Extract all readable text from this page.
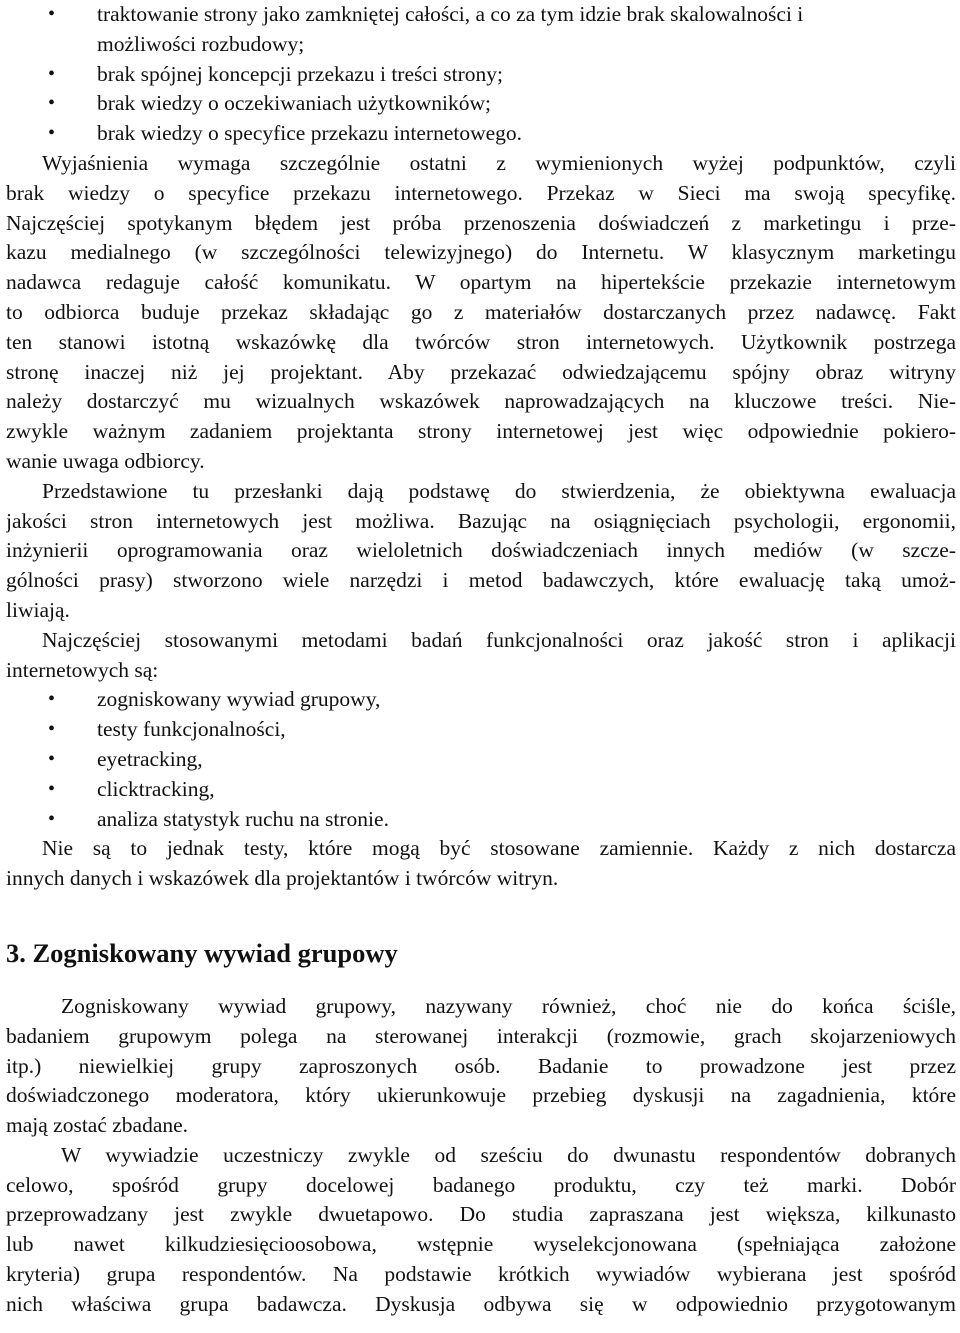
• traktowanie strony jako zamkniętej całości, a co za tym idzie brak skalowalności i
możliwości rozbudowy;
• brak spójnej koncepcji przekazu i treści strony;
• brak wiedzy o oczekiwaniach użytkowników;
• brak wiedzy o specyfice przekazu internetowego.
Wyjaśnienia wymaga szczególnie ostatni z wymienionych wyżej podpunktów, czyli
brak wiedzy o specyfice przekazu internetowego. Przekaz w Sieci ma swoją specyfikę.
Najczęściej spotykanym błędem jest próba przenoszenia doświadczeń z marketingu i prze-
kazu medialnego (w szczególności telewizyjnego) do Internetu. W klasycznym marketingu
nadawca redaguje całość komunikatu. W opartym na hipertekście przekazie internetowym
to odbiorca buduje przekaz składając go z materiałów dostarczanych przez nadawcę. Fakt
ten stanowi istotną wskazówkę dla twórców stron internetowych. Użytkownik postrzega
stronę inaczej niż jej projektant. Aby przekazać odwiedzającemu spójny obraz witryny
należy dostarczyć mu wizualnych wskazówek naprowadzających na kluczowe treści. Nie-
zwykle ważnym zadaniem projektanta strony internetowej jest więc odpowiednie pokiero-
wanie uwaga odbiorcy.
Przedstawione tu przesłanki dają podstawę do stwierdzenia, że obiektywna ewaluacja
jakości stron internetowych jest możliwa. Bazując na osiągnięciach psychologii, ergonomii,
inżynierii oprogramowania oraz wieloletnich doświadczeniach innych mediów (w szcze-
gólności prasy) stworzono wiele narzędzi i metod badawczych, które ewaluację taką umoż-
liwiają.
Najczęściej stosowanymi metodami badań funkcjonalności oraz jakość stron i aplikacji
internetowych są:
• zogniskowany wywiad grupowy,
• testy funkcjonalności,
• eyetracking,
• clicktracking,
• analiza statystyk ruchu na stronie.
Nie są to jednak testy, które mogą być stosowane zamiennie. Każdy z nich dostarcza
innych danych i wskazówek dla projektantów i twórców witryn.
3. Zogniskowany wywiad grupowy
Zogniskowany wywiad grupowy, nazywany również, choć nie do końca ściśle,
badaniem grupowym polega na sterowanej interakcji (rozmowie, grach skojarzeniowych
itp.) niewielkiej grupy zaproszonych osób. Badanie to prowadzone jest przez
doświadczonego moderatora, który ukierunkowuje przebieg dyskusji na zagadnienia, które
mają zostać zbadane.
W wywiadzie uczestniczy zwykle od sześciu do dwunastu respondentów dobranych
celowo, spośród grupy docelowej badanego produktu, czy też marki. Dobór
przeprowadzany jest zwykle dwuetapowo. Do studia zapraszana jest większa, kilkunasto
lub nawet kilkudziesięcioosobowa, wstępnie wyselekcjonowana (spełniająca założone
kryteria) grupa respondentów. Na podstawie krótkich wywiadów wybierana jest spośród
nich właściwa grupa badawcza. Dyskusja odbywa się w odpowiednio przygotowanym
